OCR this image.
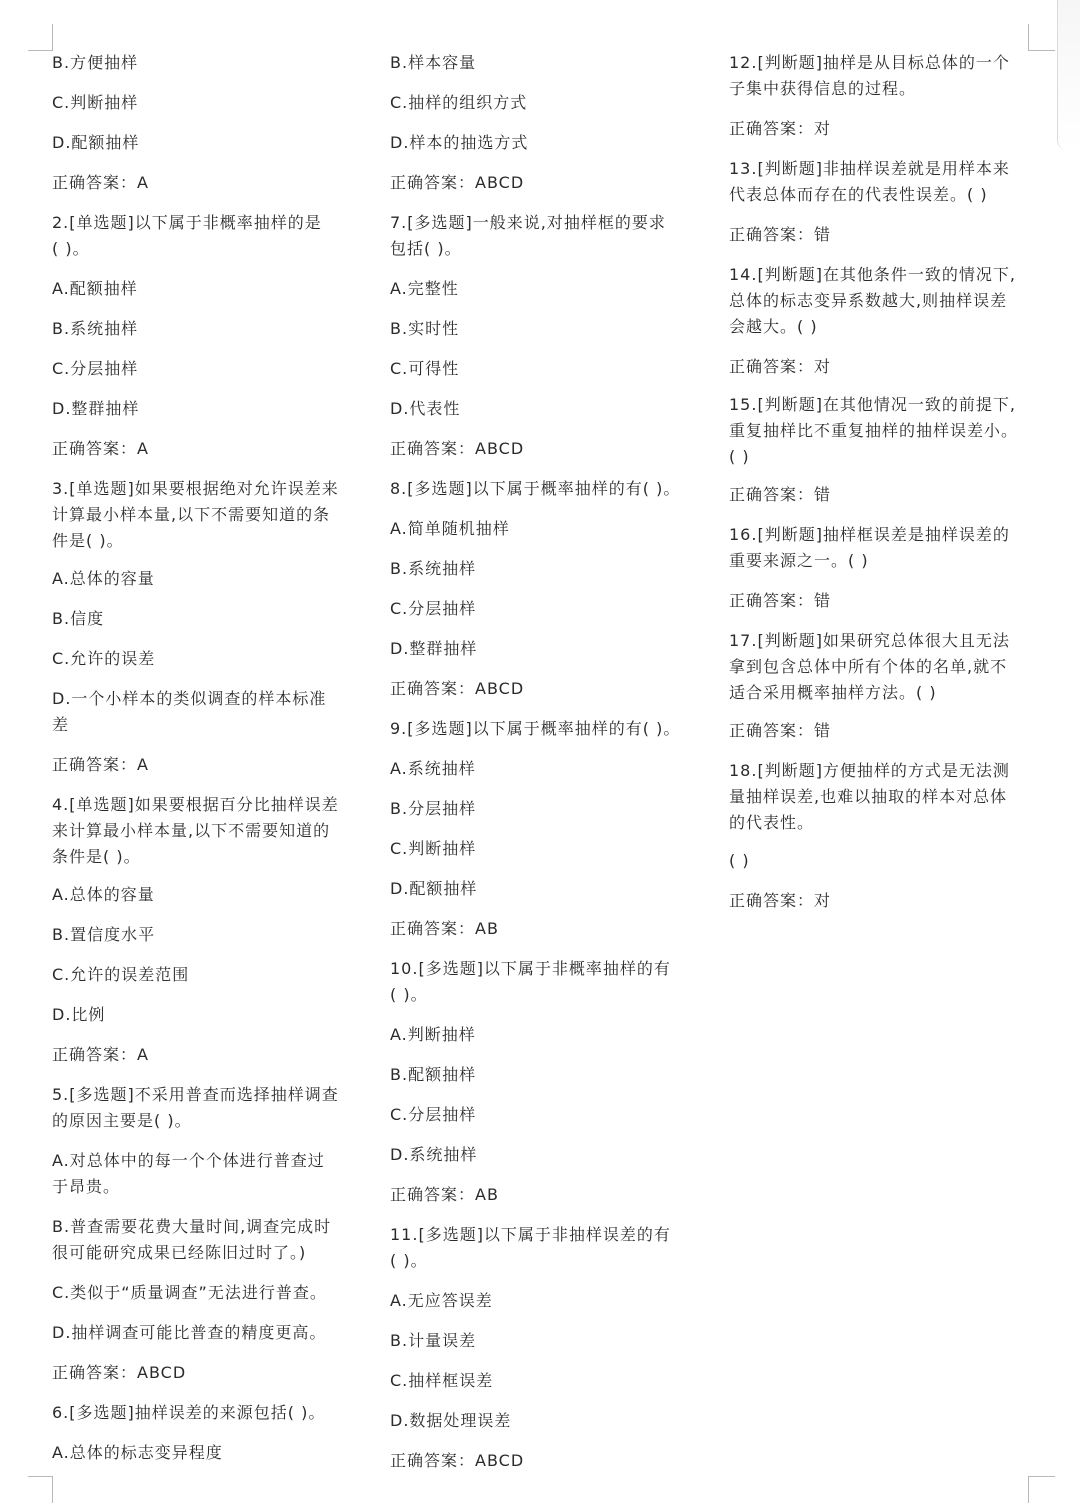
B.方便抽样
C.判断抽样
D.配额抽样
正确答案：A
2.[单选题]以下属于非概率抽样的是
( )。
A.配额抽样
B.系统抽样
C.分层抽样
D.整群抽样
正确答案：A
3.[单选题]如果要根据绝对允许误差来
计算最小样本量,以下不需要知道的条
件是( )。
A.总体的容量
B.信度
C.允许的误差
D.一个小样本的类似调查的样本标准
差
正确答案：A
4.[单选题]如果要根据百分比抽样误差
来计算最小样本量,以下不需要知道的
条件是( )。
A.总体的容量
B.置信度水平
C.允许的误差范围
D.比例
正确答案：A
5.[多选题]不采用普查而选择抽样调查
的原因主要是( )。
A.对总体中的每一个个体进行普查过
于昂贵。
B.普查需要花费大量时间,调查完成时
很可能研究成果已经陈旧过时了。)
C.类似于“质量调查”无法进行普查。
D.抽样调查可能比普查的精度更高。
正确答案：ABCD
6.[多选题]抽样误差的来源包括( )。
A.总体的标志变异程度
B.样本容量
C.抽样的组织方式
D.样本的抽选方式
正确答案：ABCD
7.[多选题]一般来说,对抽样框的要求
包括( )。
A.完整性
B.实时性
C.可得性
D.代表性
正确答案：ABCD
8.[多选题]以下属于概率抽样的有( )。
A.简单随机抽样
B.系统抽样
C.分层抽样
D.整群抽样
正确答案：ABCD
9.[多选题]以下属于概率抽样的有( )。
A.系统抽样
B.分层抽样
C.判断抽样
D.配额抽样
正确答案：AB
10.[多选题]以下属于非概率抽样的有
( )。
A.判断抽样
B.配额抽样
C.分层抽样
D.系统抽样
正确答案：AB
11.[多选题]以下属于非抽样误差的有
( )。
A.无应答误差
B.计量误差
C.抽样框误差
D.数据处理误差
正确答案：ABCD
12.[判断题]抽样是从目标总体的一个
子集中获得信息的过程。
正确答案：对
13.[判断题]非抽样误差就是用样本来
代表总体而存在的代表性误差。( )
正确答案：错
14.[判断题]在其他条件一致的情况下,
总体的标志变异系数越大,则抽样误差
会越大。( )
正确答案：对
15.[判断题]在其他情况一致的前提下,
重复抽样比不重复抽样的抽样误差小。
( )
正确答案：错
16.[判断题]抽样框误差是抽样误差的
重要来源之一。( )
正确答案：错
17.[判断题]如果研究总体很大且无法
拿到包含总体中所有个体的名单,就不
适合采用概率抽样方法。( )
正确答案：错
18.[判断题]方便抽样的方式是无法测
量抽样误差,也难以抽取的样本对总体
的代表性。
( )
正确答案：对
